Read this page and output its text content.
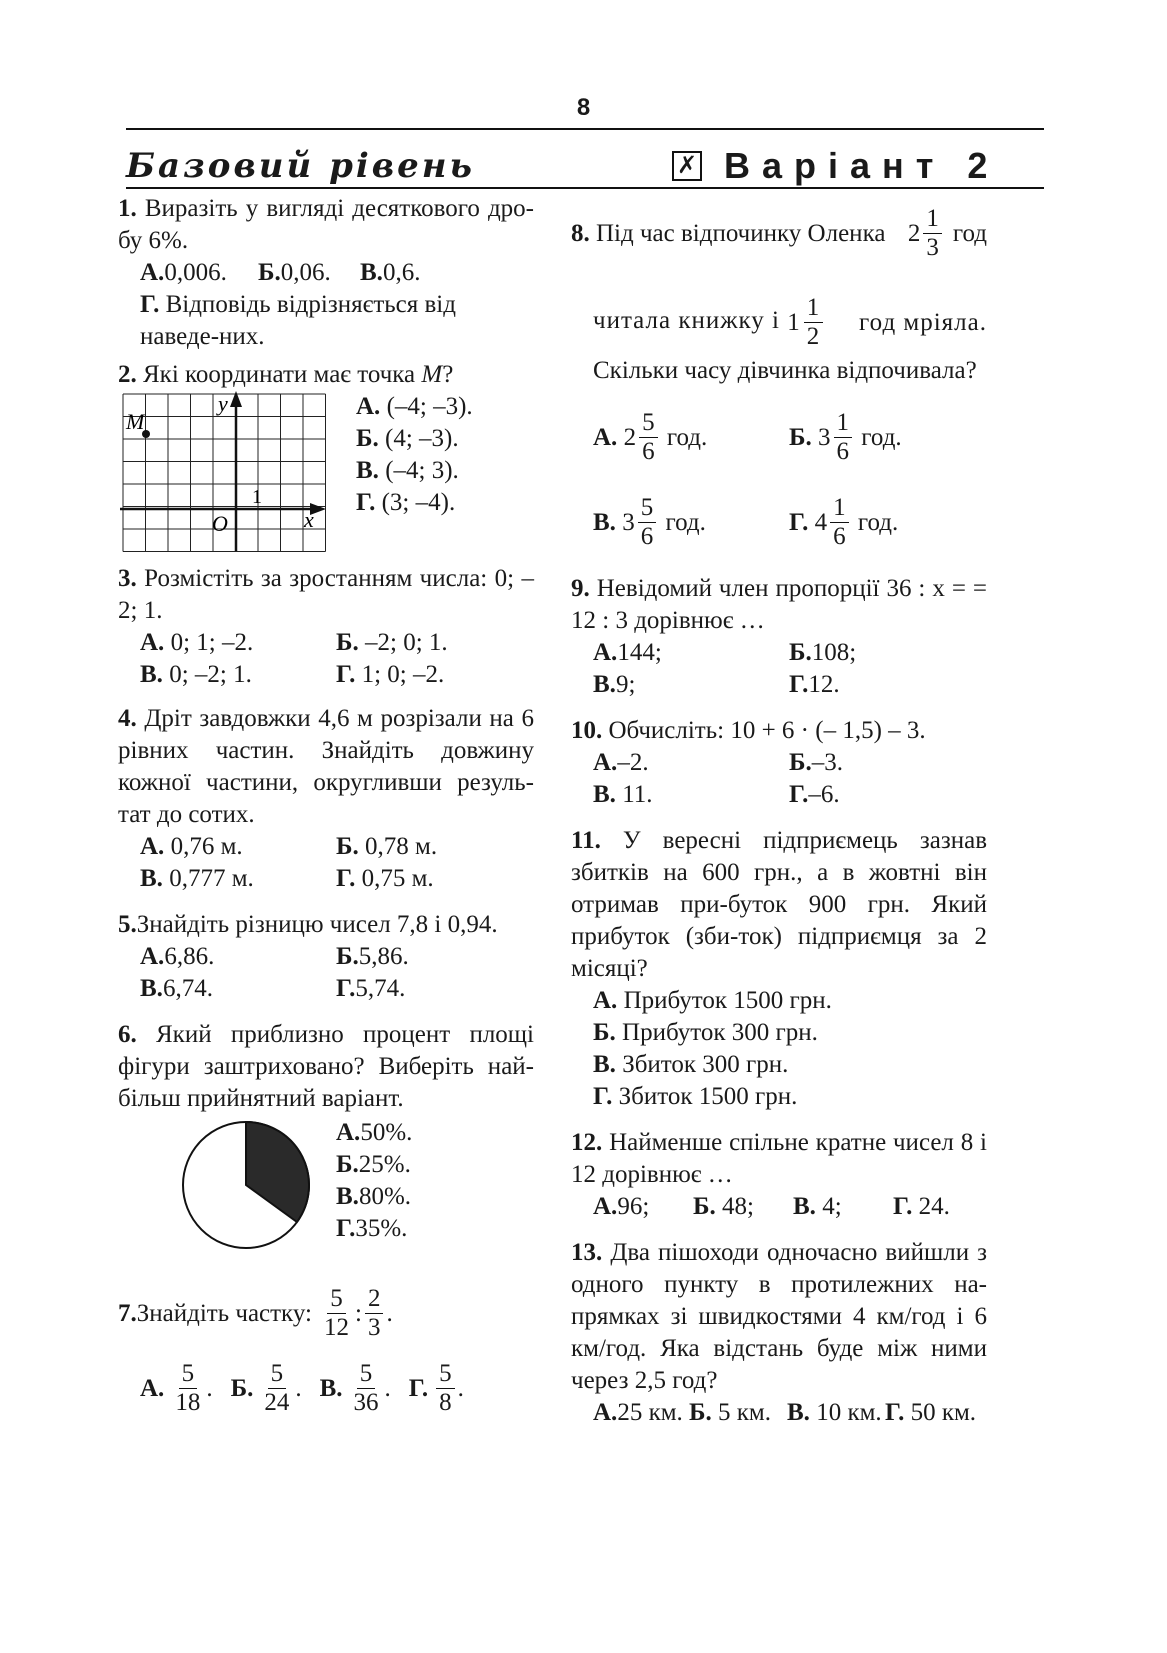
8
Базовий рівень	✗ Варіант 2
1. Виразіть у вигляді десяткового дро-бу 6%.
А.0,006.	Б.0,06.	В.0,6.
Г. Відповідь відрізняється від наведе-них.
2. Які координати має точка M?
M
y
x
O
1
А. (–4; –3).
Б. (4; –3).
В. (–4; 3).
Г. (3; –4).
3. Розмістіть за зростанням числа: 0; –2; 1.
А. 0; 1; –2.	Б. –2; 0; 1.
В. 0; –2; 1.	Г. 1; 0; –2.
4. Дріт завдовжки 4,6 м розрізали на 6 рівних частин. Знайдіть довжину кожної частини, округливши резуль-тат до сотих.
А. 0,76 м.	Б. 0,78 м.
В. 0,777 м.	Г. 0,75 м.
5.Знайдіть різницю чисел 7,8 і 0,94.
А.6,86.	Б.5,86.
В.6,74.	Г.5,74.
6. Який приблизно процент площі фігури заштриховано? Виберіть най-більш прийнятний варіант.
А.50%.
Б.25%.
В.80%.
Г.35%.
7. Знайдіть частку: $\frac{5}{12}$ : $\frac{2}{3}$ .
А. $\frac{5}{18}$ . Б. $\frac{5}{24}$ . В. $\frac{5}{36}$ . Г. $\frac{5}{8}$ .
8. Під час відпочинку Оленка $2 \frac{1}{3}$ год
читала книжку і $1 \frac{1}{2}$ год мріяла.
Скільки часу дівчинка відпочивала?
А.
$2 \frac{5}{6}$
год.	Б.
$3 \frac{1}{6}$
год.
В.
$3 \frac{5}{6}$
год.	Г.
$4 \frac{1}{6}$
год.
9. Невідомий член пропорції 36 : x = = 12 : 3 дорівнює …
А.144;	Б.108;
В.9;	Г.12.
10. Обчисліть: 10 + 6 · (– 1,5) – 3.
А.–2.	Б.–3.
В. 11.	Г.–6.
11. У вересні підприємець зазнав збитків на 600 грн., а в жовтні він отримав при-буток 900 грн. Який прибуток (зби-ток) підприємця за 2 місяці?
А. Прибуток 1500 грн.
Б. Прибуток 300 грн.
В. Збиток 300 грн.
Г. Збиток 1500 грн.
12. Найменше спільне кратне чисел 8 і 12 дорівнює …
А.96;	Б. 48;	В. 4;	Г. 24.
13. Два пішоходи одночасно вийшли з одного пункту в протилежних на-прямках зі швидкостями 4 км/год і 6 км/год. Яка відстань буде між ними через 2,5 год?
А.25 км. Б. 5 км. В. 10 км. Г. 50 км.
